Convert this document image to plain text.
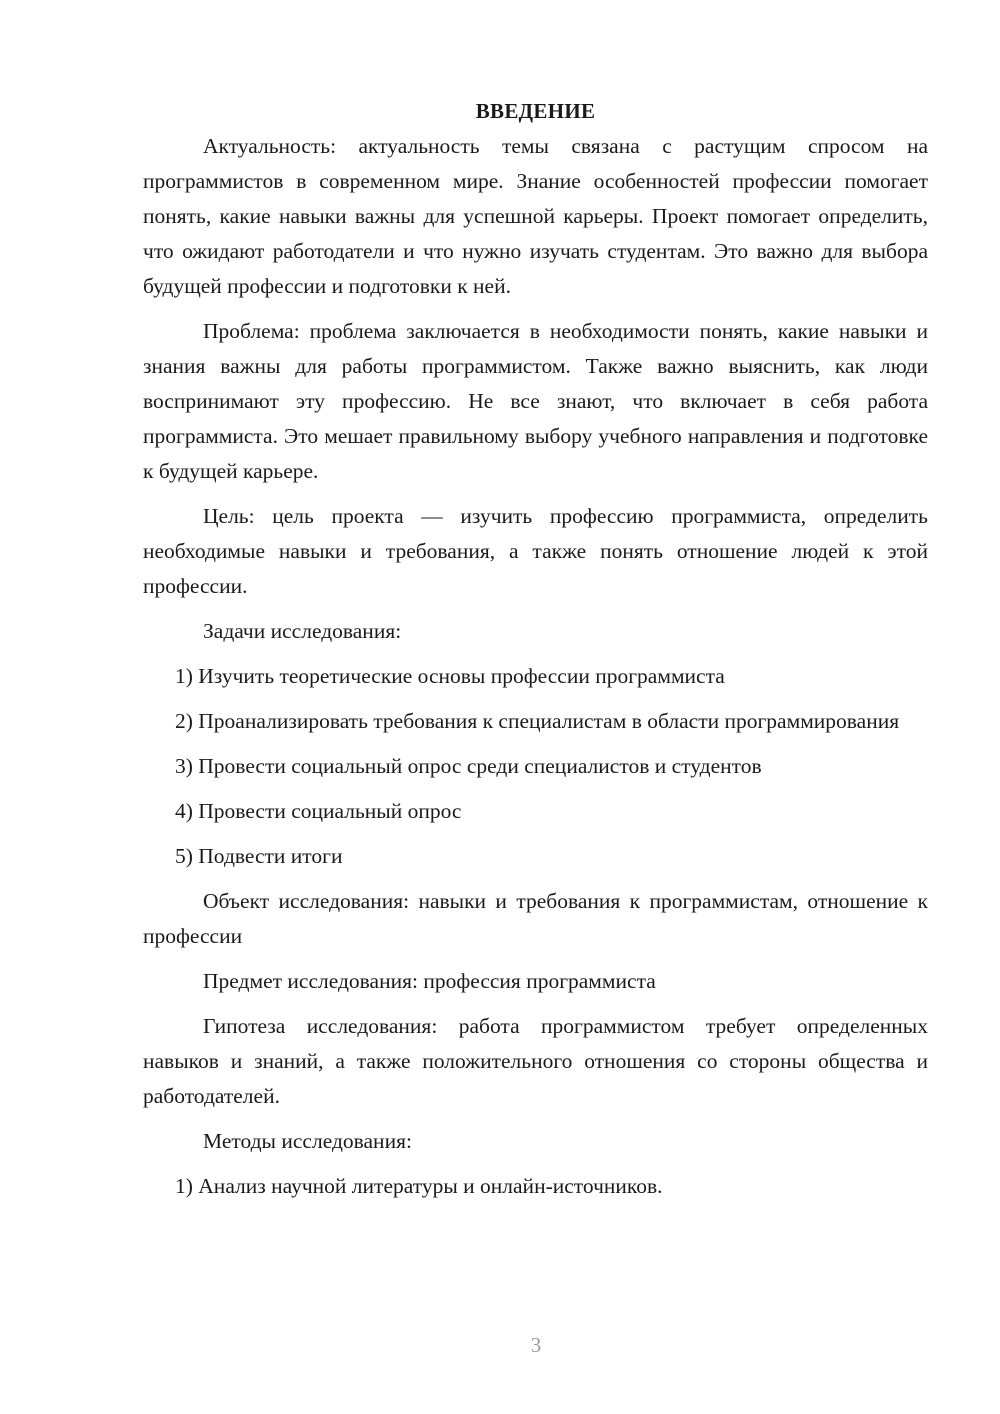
ВВЕДЕНИЕ

Актуальность: актуальность темы связана с растущим спросом на программистов в современном мире. Знание особенностей профессии помогает понять, какие навыки важны для успешной карьеры. Проект помогает определить, что ожидают работодатели и что нужно изучать студентам. Это важно для выбора будущей профессии и подготовки к ней.

Проблема: проблема заключается в необходимости понять, какие навыки и знания важны для работы программистом. Также важно выяснить, как люди воспринимают эту профессию. Не все знают, что включает в себя работа программиста. Это мешает правильному выбору учебного направления и подготовке к будущей карьере.

Цель: цель проекта — изучить профессию программиста, определить необходимые навыки и требования, а также понять отношение людей к этой профессии.

Задачи исследования:

1) Изучить теоретические основы профессии программиста

2) Проанализировать требования к специалистам в области программирования

3) Провести социальный опрос среди специалистов и студентов

4) Провести социальный опрос

5) Подвести итоги

Объект исследования: навыки и требования к программистам, отношение к профессии

Предмет исследования: профессия программиста

Гипотеза исследования: работа программистом требует определенных навыков и знаний, а также положительного отношения со стороны общества и работодателей.

Методы исследования:

1) Анализ научной литературы и онлайн-источников.

3
